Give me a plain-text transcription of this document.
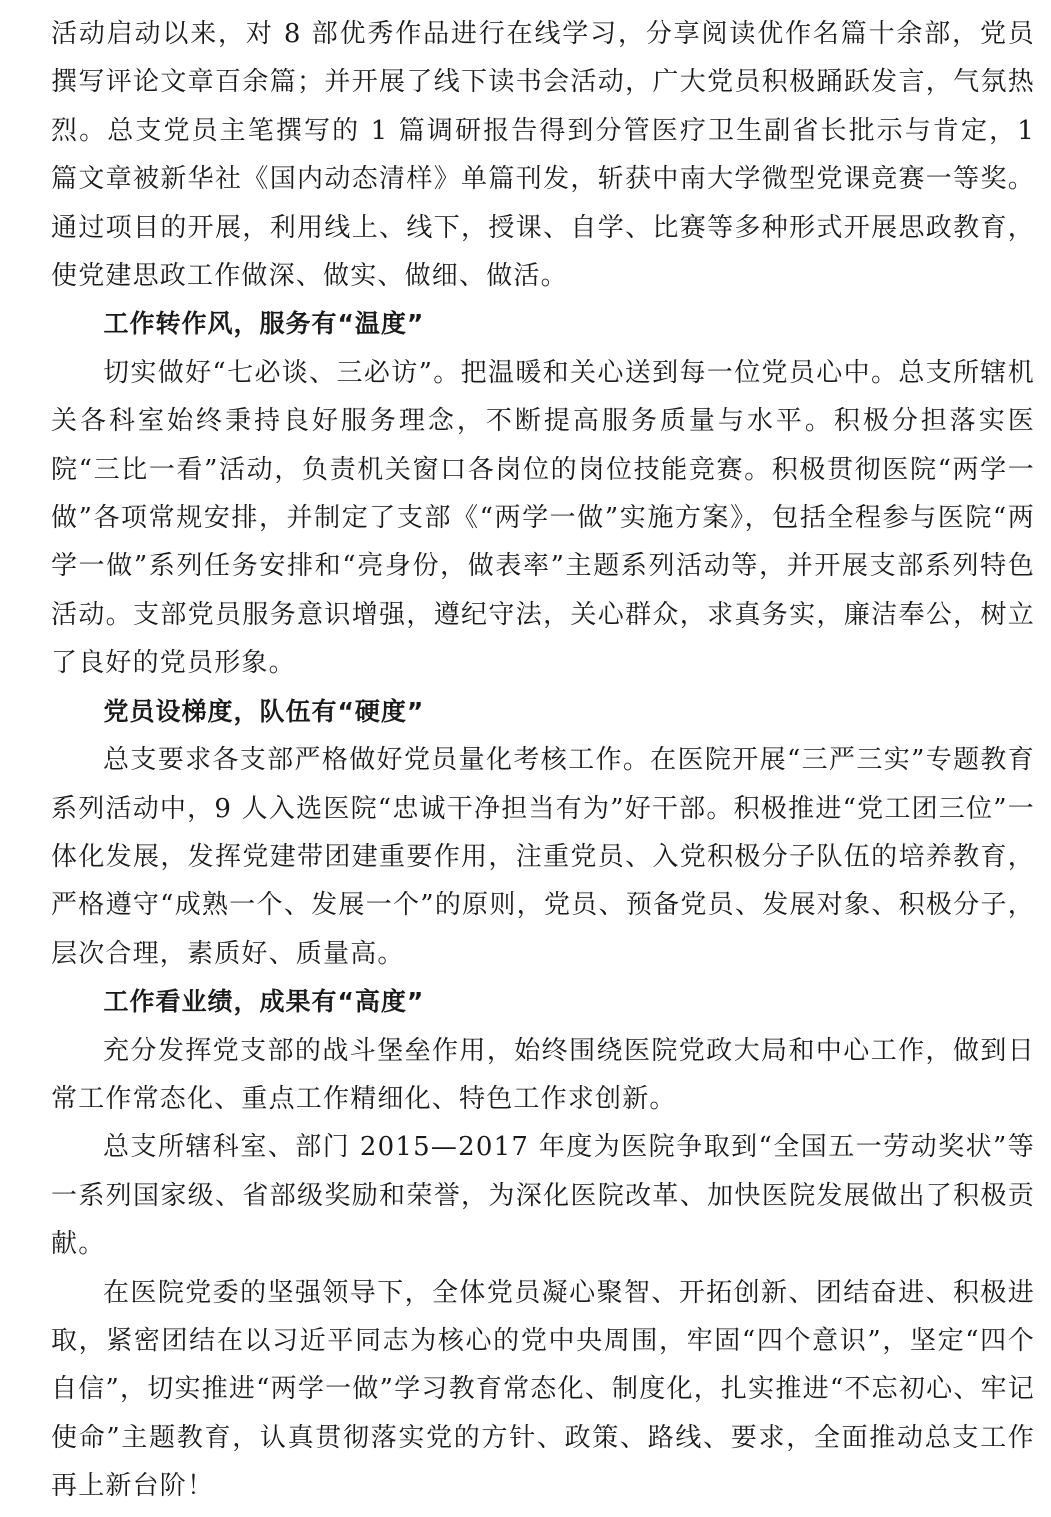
活动启动以来，对 8 部优秀作品进行在线学习，分享阅读优作名篇十余部，党员撰写评论文章百余篇；并开展了线下读书会活动，广大党员积极踊跃发言，气氛热烈。总支党员主笔撰写的 1 篇调研报告得到分管医疗卫生副省长批示与肯定，1 篇文章被新华社《国内动态清样》单篇刊发，斩获中南大学微型党课竞赛一等奖。通过项目的开展，利用线上、线下，授课、自学、比赛等多种形式开展思政教育，使党建思政工作做深、做实、做细、做活。

工作转作风，服务有“温度”

切实做好“七必谈、三必访”。把温暖和关心送到每一位党员心中。总支所辖机关各科室始终秉持良好服务理念，不断提高服务质量与水平。积极分担落实医院“三比一看”活动，负责机关窗口各岗位的岗位技能竞赛。积极贯彻医院“两学一做”各项常规安排，并制定了支部《“两学一做”实施方案》，包括全程参与医院“两学一做”系列任务安排和“亮身份，做表率”主题系列活动等，并开展支部系列特色活动。支部党员服务意识增强，遵纪守法，关心群众，求真务实，廉洁奉公，树立了良好的党员形象。

党员设梯度，队伍有“硬度”

总支要求各支部严格做好党员量化考核工作。在医院开展“三严三实”专题教育系列活动中，9 人入选医院“忠诚干净担当有为”好干部。积极推进“党工团三位”一体化发展，发挥党建带团建重要作用，注重党员、入党积极分子队伍的培养教育，严格遵守“成熟一个、发展一个”的原则，党员、预备党员、发展对象、积极分子，层次合理，素质好、质量高。

工作看业绩，成果有“高度”

充分发挥党支部的战斗堡垒作用，始终围绕医院党政大局和中心工作，做到日常工作常态化、重点工作精细化、特色工作求创新。

总支所辖科室、部门 2015—2017 年度为医院争取到“全国五一劳动奖状”等一系列国家级、省部级奖励和荣誉，为深化医院改革、加快医院发展做出了积极贡献。

在医院党委的坚强领导下，全体党员凝心聚智、开拓创新、团结奋进、积极进取，紧密团结在以习近平同志为核心的党中央周围，牢固“四个意识”，坚定“四个自信”，切实推进“两学一做”学习教育常态化、制度化，扎实推进“不忘初心、牢记使命”主题教育，认真贯彻落实党的方针、政策、路线、要求，全面推动总支工作再上新台阶！
